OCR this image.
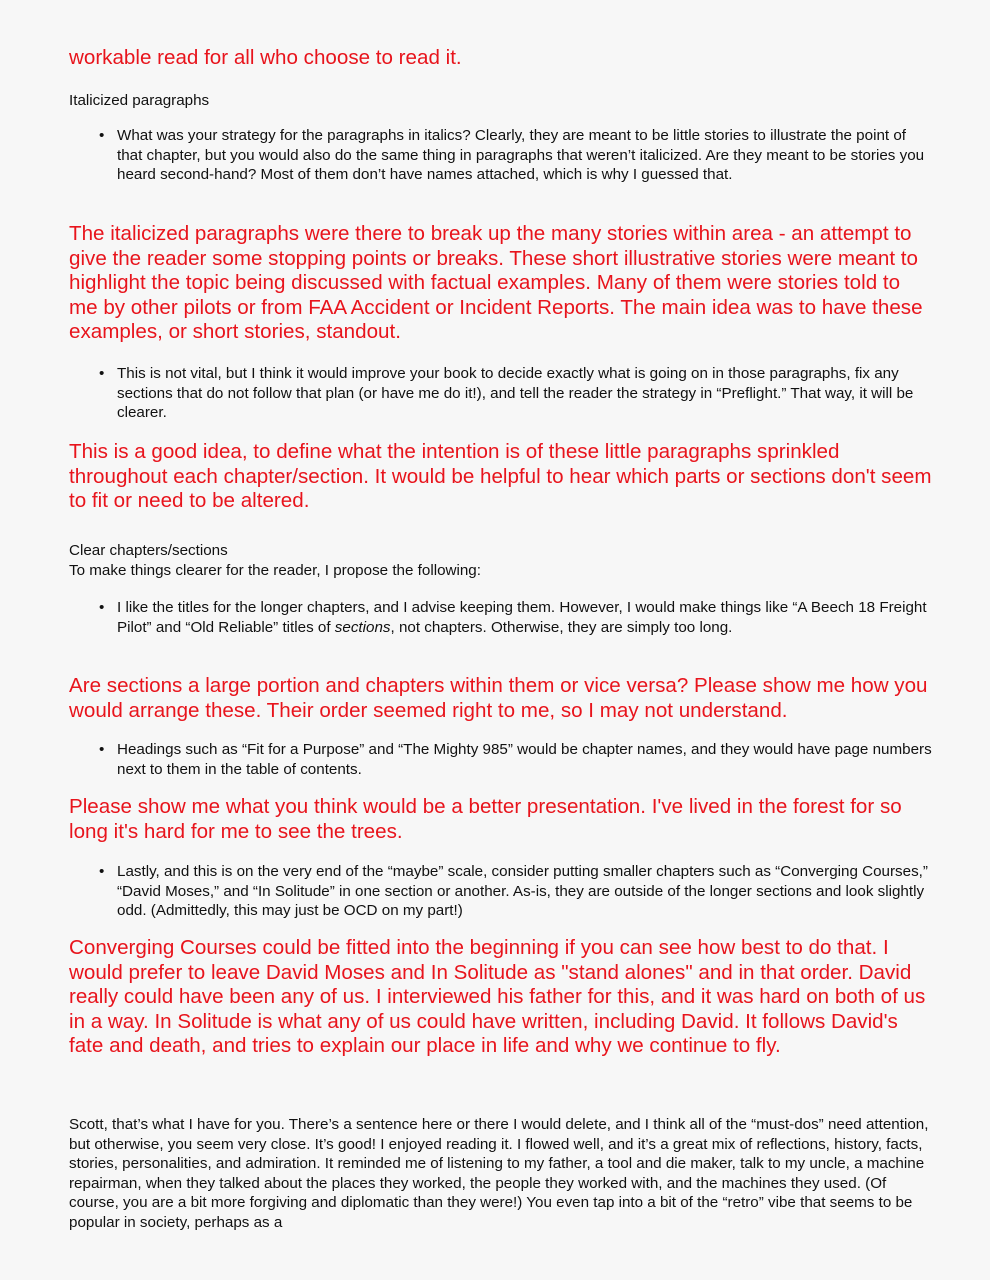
workable read for all who choose to read it.

Italicized paragraphs

• What was your strategy for the paragraphs in italics? Clearly, they are meant to be little stories to illustrate the point of that chapter, but you would also do the same thing in paragraphs that weren’t italicized. Are they meant to be stories you heard second-hand? Most of them don’t have names attached, which is why I guessed that.

The italicized paragraphs were there to break up the many stories within area - an attempt to give the reader some stopping points or breaks. These short illustrative stories were meant to highlight the topic being discussed with factual examples. Many of them were stories told to me by other pilots or from FAA Accident or Incident Reports. The main idea was to have these examples, or short stories, standout.

• This is not vital, but I think it would improve your book to decide exactly what is going on in those paragraphs, fix any sections that do not follow that plan (or have me do it!), and tell the reader the strategy in “Preflight.” That way, it will be clearer.

This is a good idea, to define what the intention is of these little paragraphs sprinkled throughout each chapter/section. It would be helpful to hear which parts or sections don't seem to fit or need to be altered.

Clear chapters/sections

To make things clearer for the reader, I propose the following:

• I like the titles for the longer chapters, and I advise keeping them. However, I would make things like “A Beech 18 Freight Pilot” and “Old Reliable” titles of sections, not chapters. Otherwise, they are simply too long.

Are sections a large portion and chapters within them or vice versa? Please show me how you would arrange these. Their order seemed right to me, so I may not understand.

• Headings such as “Fit for a Purpose” and “The Mighty 985” would be chapter names, and they would have page numbers next to them in the table of contents.

Please show me what you think would be a better presentation. I've lived in the forest for so long it's hard for me to see the trees.

• Lastly, and this is on the very end of the “maybe” scale, consider putting smaller chapters such as “Converging Courses,” “David Moses,” and “In Solitude” in one section or another. As-is, they are outside of the longer sections and look slightly odd. (Admittedly, this may just be OCD on my part!)

Converging Courses could be fitted into the beginning if you can see how best to do that. I would prefer to leave David Moses and In Solitude as "stand alones" and in that order. David really could have been any of us. I interviewed his father for this, and it was hard on both of us in a way. In Solitude is what any of us could have written, including David. It follows David's fate and death, and tries to explain our place in life and why we continue to fly.

Scott, that’s what I have for you. There’s a sentence here or there I would delete, and I think all of the “must-dos” need attention, but otherwise, you seem very close. It’s good! I enjoyed reading it. I flowed well, and it’s a great mix of reflections, history, facts, stories, personalities, and admiration. It reminded me of listening to my father, a tool and die maker, talk to my uncle, a machine repairman, when they talked about the places they worked, the people they worked with, and the machines they used. (Of course, you are a bit more forgiving and diplomatic than they were!) You even tap into a bit of the “retro” vibe that seems to be popular in society, perhaps as a
